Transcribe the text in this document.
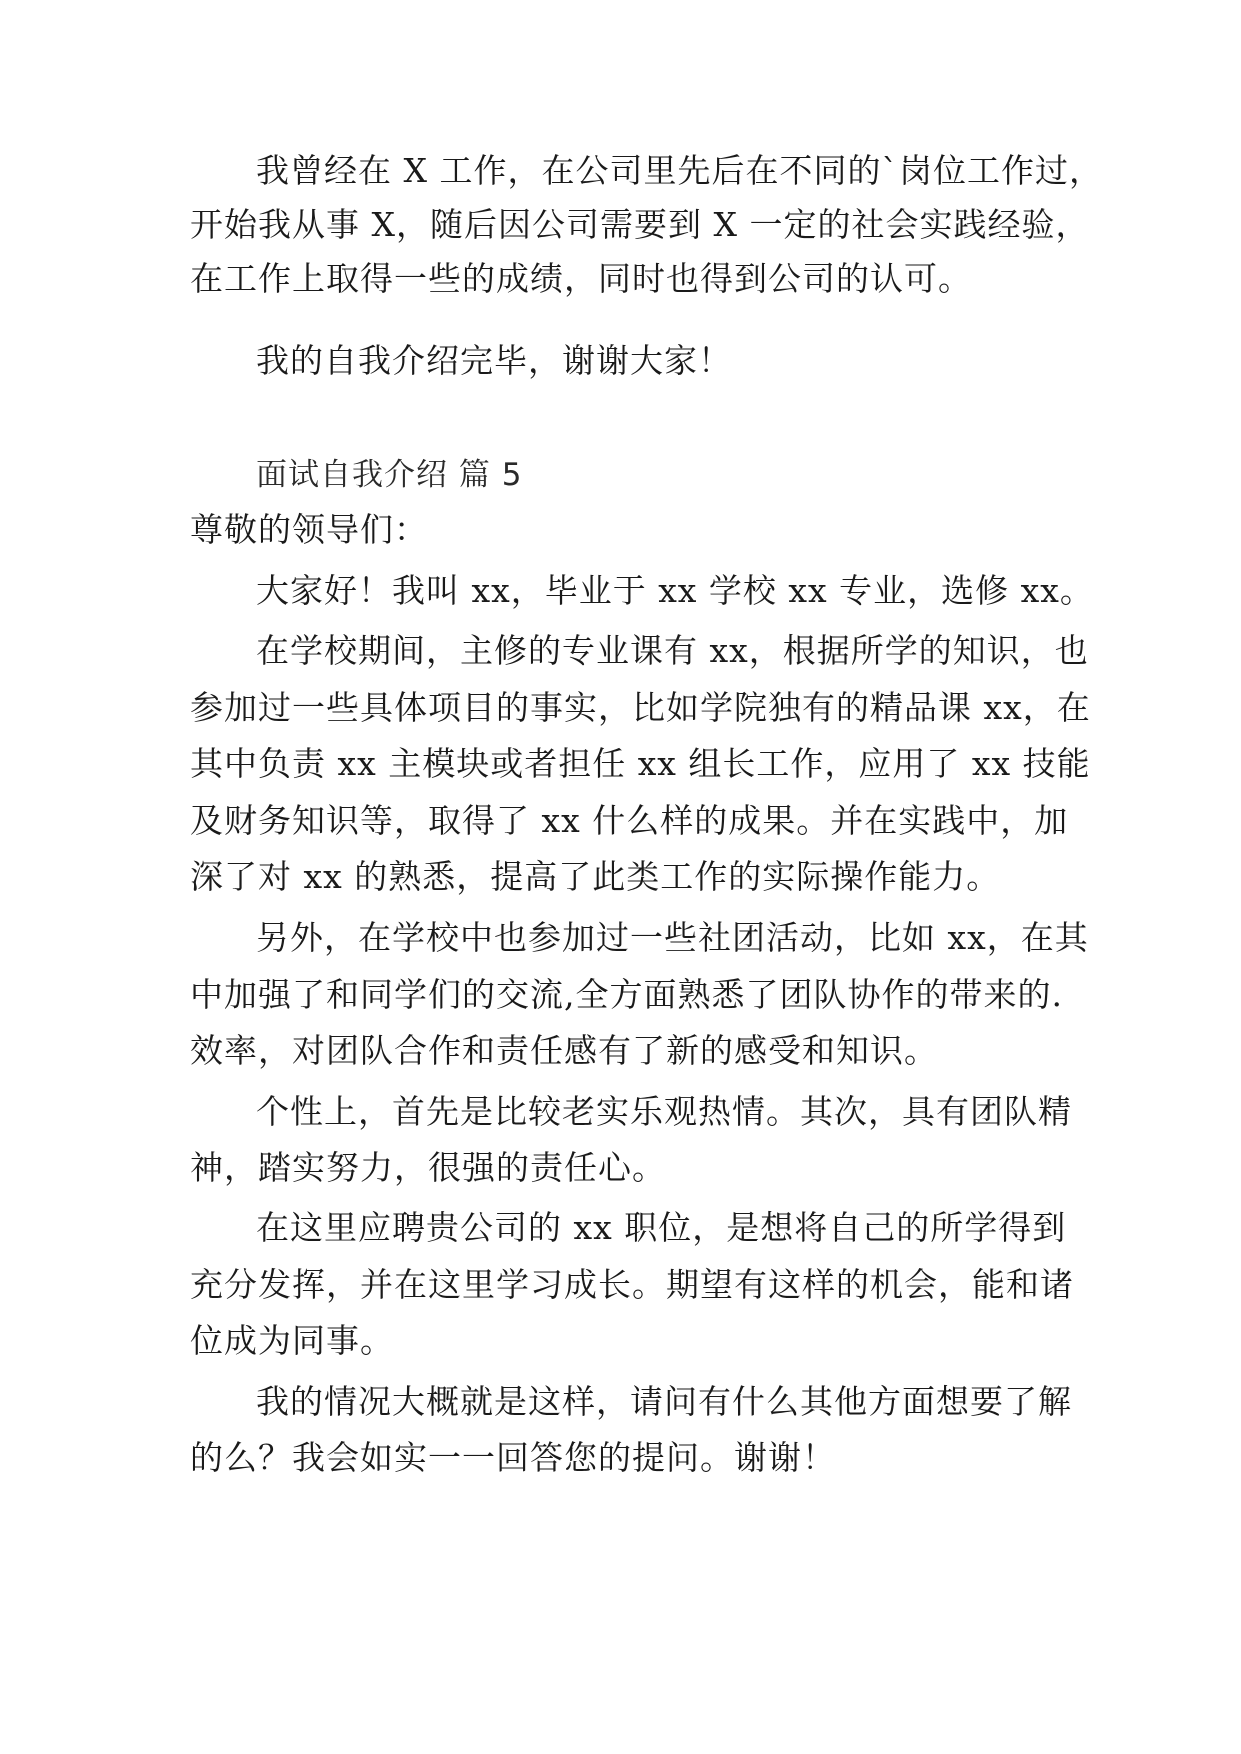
我曾经在 X 工作，在公司里先后在不同的`岗位工作过，
开始我从事 X，随后因公司需要到 X 一定的社会实践经验，
在工作上取得一些的成绩，同时也得到公司的认可。
我的自我介绍完毕，谢谢大家！
面试自我介绍 篇 5
尊敬的领导们：
大家好！我叫 xx，毕业于 xx 学校 xx 专业，选修 xx。
在学校期间，主修的专业课有 xx，根据所学的知识，也
参加过一些具体项目的事实，比如学院独有的精品课 xx，在
其中负责 xx 主模块或者担任 xx 组长工作，应用了 xx 技能
及财务知识等，取得了 xx 什么样的成果。并在实践中，加
深了对 xx 的熟悉，提高了此类工作的实际操作能力。
另外，在学校中也参加过一些社团活动，比如 xx，在其
中加强了和同学们的交流,全方面熟悉了团队协作的带来的.
效率，对团队合作和责任感有了新的感受和知识。
个性上，首先是比较老实乐观热情。其次，具有团队精
神，踏实努力，很强的责任心。
在这里应聘贵公司的 xx 职位，是想将自己的所学得到
充分发挥，并在这里学习成长。期望有这样的机会，能和诸
位成为同事。
我的情况大概就是这样，请问有什么其他方面想要了解
的么？我会如实一一回答您的提问。谢谢！
